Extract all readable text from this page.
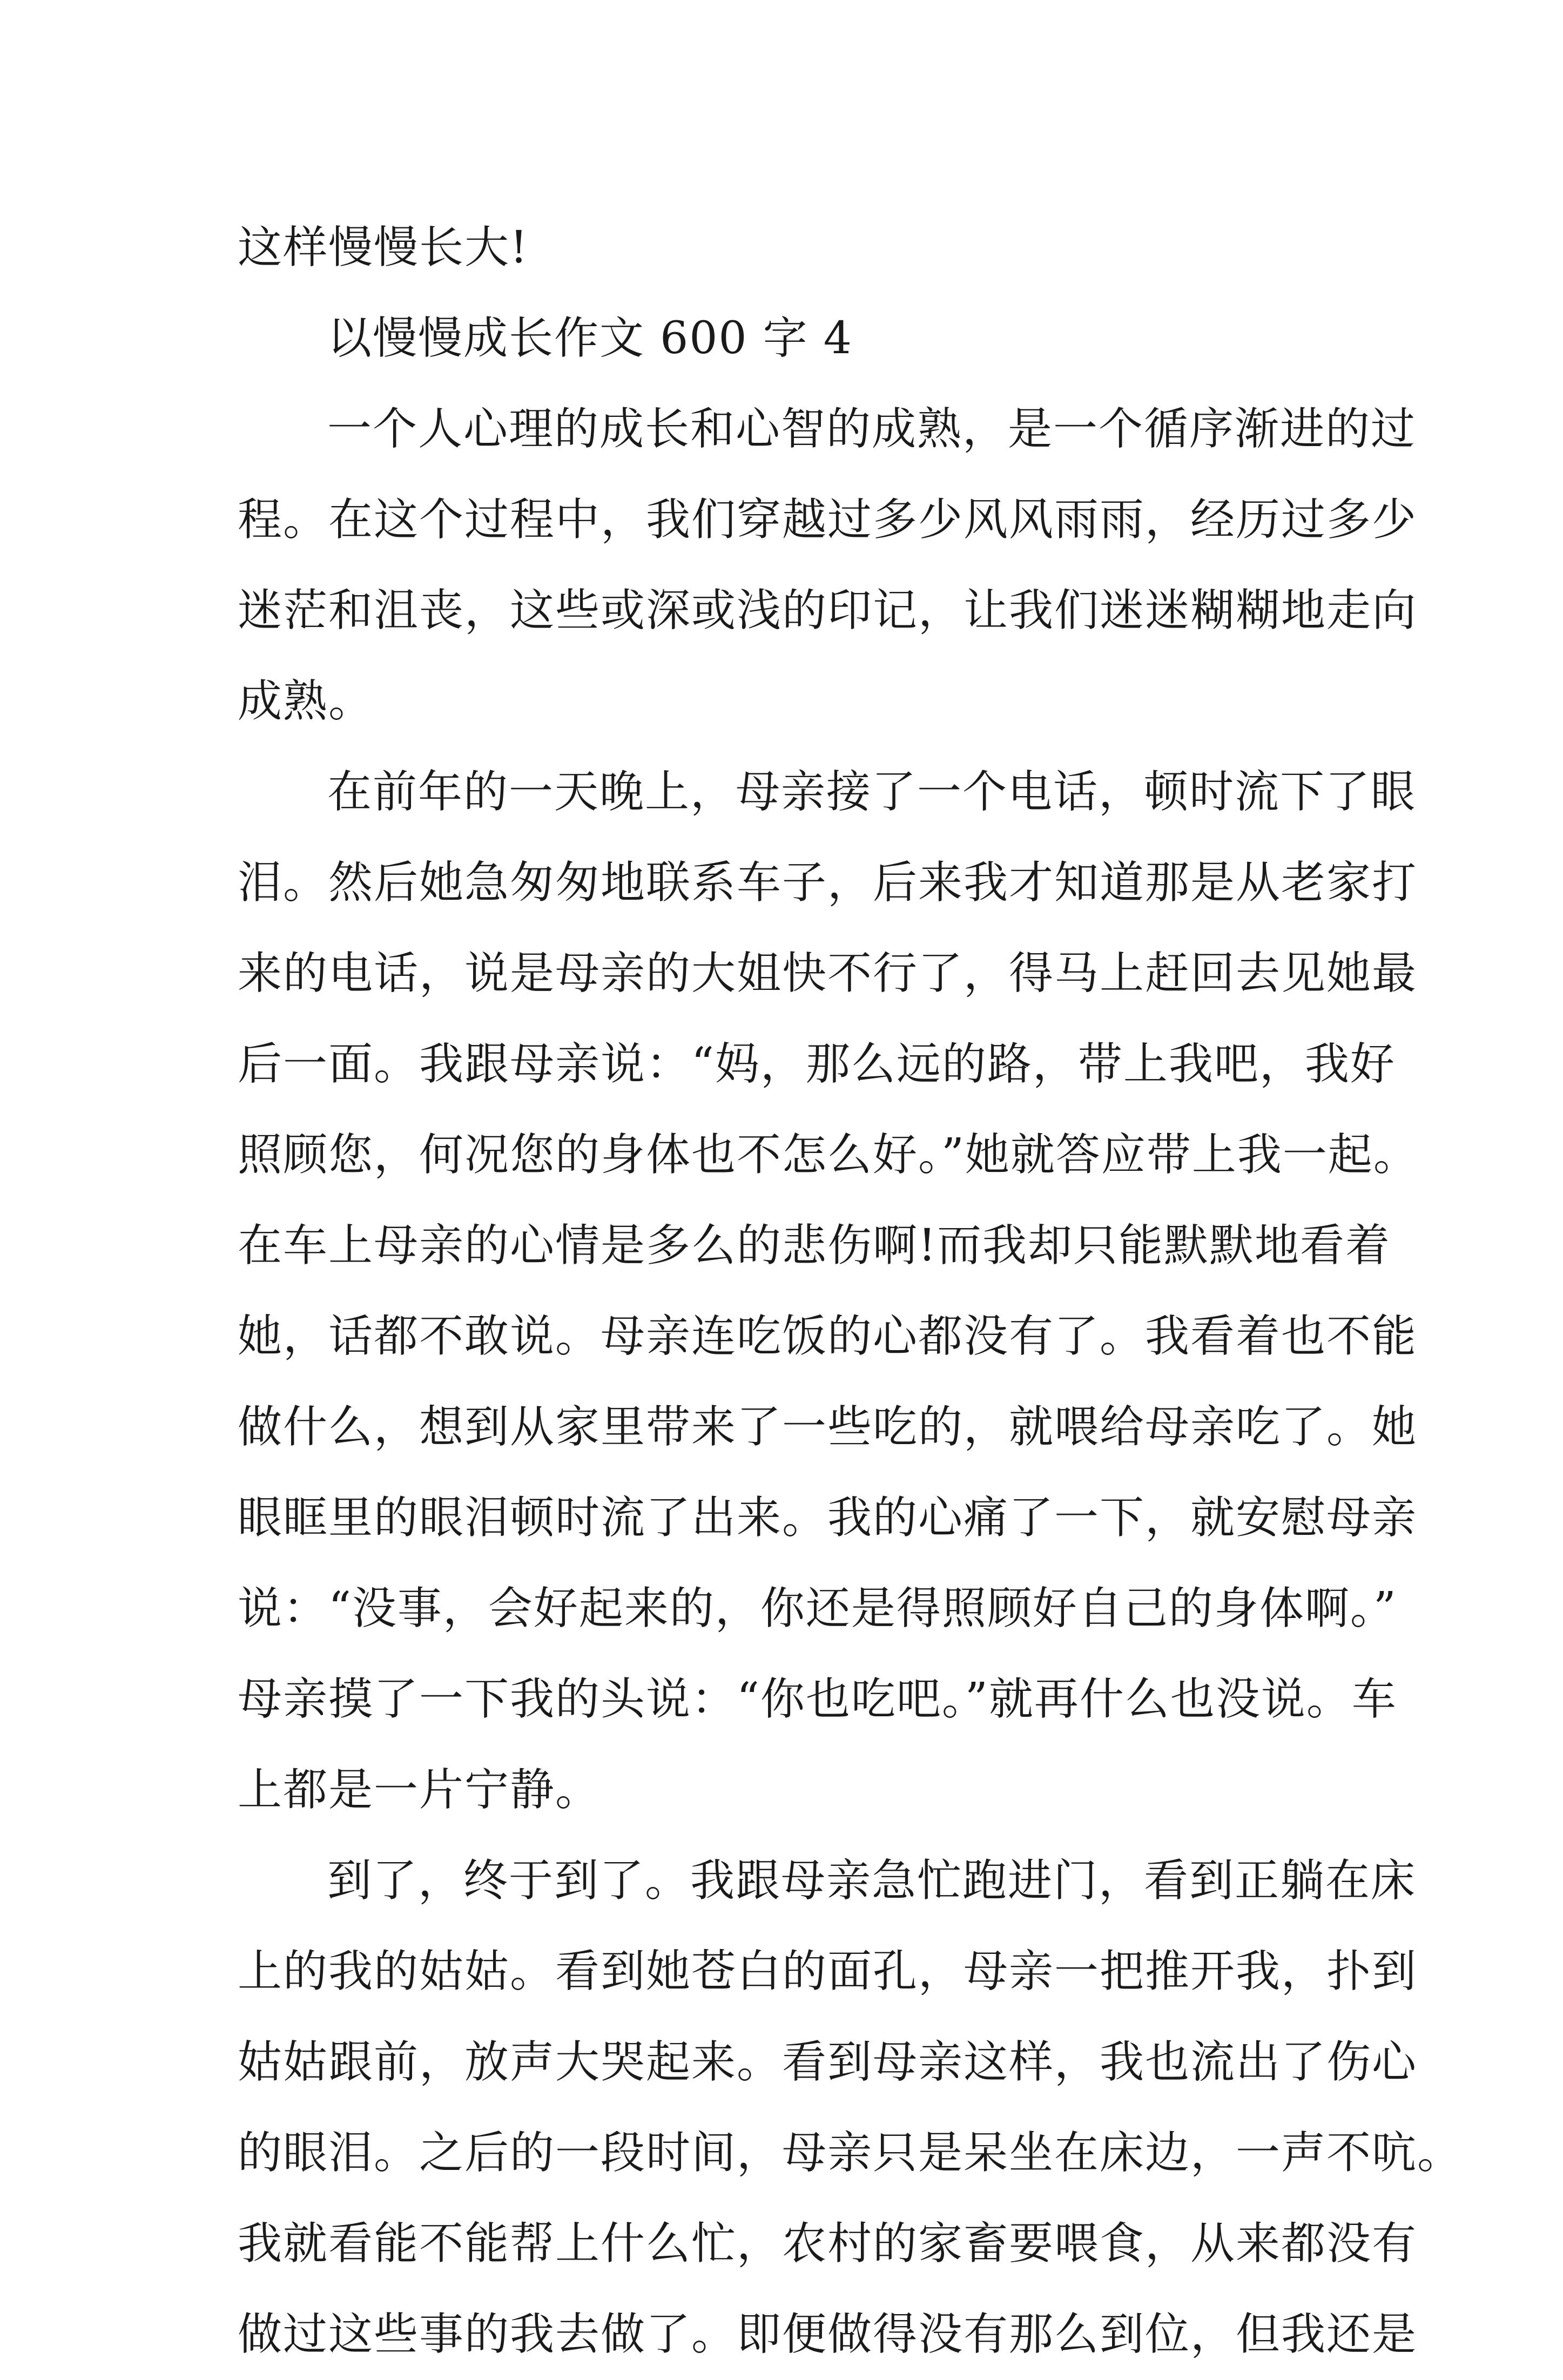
这样慢慢长大!
以慢慢成长作文 600 字 4
一个人心理的成长和心智的成熟，是一个循序渐进的过
程。在这个过程中，我们穿越过多少风风雨雨，经历过多少
迷茫和沮丧，这些或深或浅的印记，让我们迷迷糊糊地走向
成熟。
在前年的一天晚上，母亲接了一个电话，顿时流下了眼
泪。然后她急匆匆地联系车子，后来我才知道那是从老家打
来的电话，说是母亲的大姐快不行了，得马上赶回去见她最
后一面。我跟母亲说：“妈，那么远的路，带上我吧，我好
照顾您，何况您的身体也不怎么好。”她就答应带上我一起。
在车上母亲的心情是多么的悲伤啊!而我却只能默默地看着
她，话都不敢说。母亲连吃饭的心都没有了。我看着也不能
做什么，想到从家里带来了一些吃的，就喂给母亲吃了。她
眼眶里的眼泪顿时流了出来。我的心痛了一下，就安慰母亲
说：“没事，会好起来的，你还是得照顾好自己的身体啊。”
母亲摸了一下我的头说：“你也吃吧。”就再什么也没说。车
上都是一片宁静。
到了，终于到了。我跟母亲急忙跑进门，看到正躺在床
上的我的姑姑。看到她苍白的面孔，母亲一把推开我，扑到
姑姑跟前，放声大哭起来。看到母亲这样，我也流出了伤心
的眼泪。之后的一段时间，母亲只是呆坐在床边，一声不吭。
我就看能不能帮上什么忙，农村的家畜要喂食，从来都没有
做过这些事的我去做了。即便做得没有那么到位，但我还是
